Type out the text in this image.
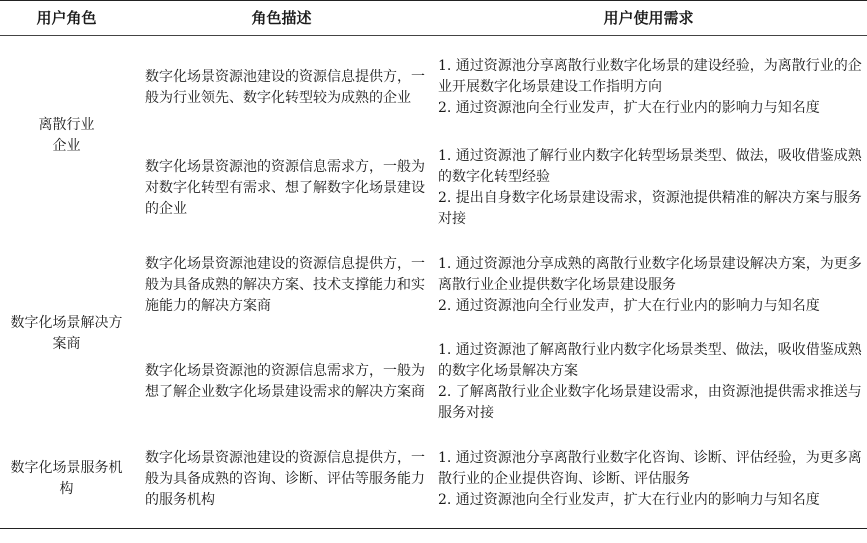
用户角色	角色描述	用户使用需求
离散行业企业	数字化场景资源池建设的资源信息提供方，一般为行业领先、数字化转型较为成熟的企业	1. 通过资源池分享离散行业数字化场景的建设经验，为离散行业的企业开展数字化场景建设工作指明方向
2. 通过资源池向全行业发声，扩大在行业内的影响力与知名度

	数字化场景资源池的资源信息需求方，一般为对数字化转型有需求、想了解数字化场景建设的企业	1. 通过资源池了解行业内数字化转型场景类型、做法，吸收借鉴成熟的数字化转型经验
2. 提出自身数字化场景建设需求，资源池提供精准的解决方案与服务对接

数字化场景解决方案商	数字化场景资源池建设的资源信息提供方，一般为具备成熟的解决方案、技术支撑能力和实施能力的解决方案商	1. 通过资源池分享成熟的离散行业数字化场景建设解决方案，为更多离散行业企业提供数字化场景建设服务
2. 通过资源池向全行业发声，扩大在行业内的影响力与知名度

	数字化场景资源池的资源信息需求方，一般为想了解企业数字化场景建设需求的解决方案商	1. 通过资源池了解离散行业内数字化场景类型、做法，吸收借鉴成熟的数字化场景解决方案
2. 了解离散行业企业数字化场景建设需求，由资源池提供需求推送与服务对接

数字化场景服务机构	数字化场景资源池建设的资源信息提供方，一般为具备成熟的咨询、诊断、评估等服务能力的服务机构	1. 通过资源池分享离散行业数字化咨询、诊断、评估经验，为更多离散行业的企业提供咨询、诊断、评估服务
2. 通过资源池向全行业发声，扩大在行业内的影响力与知名度
